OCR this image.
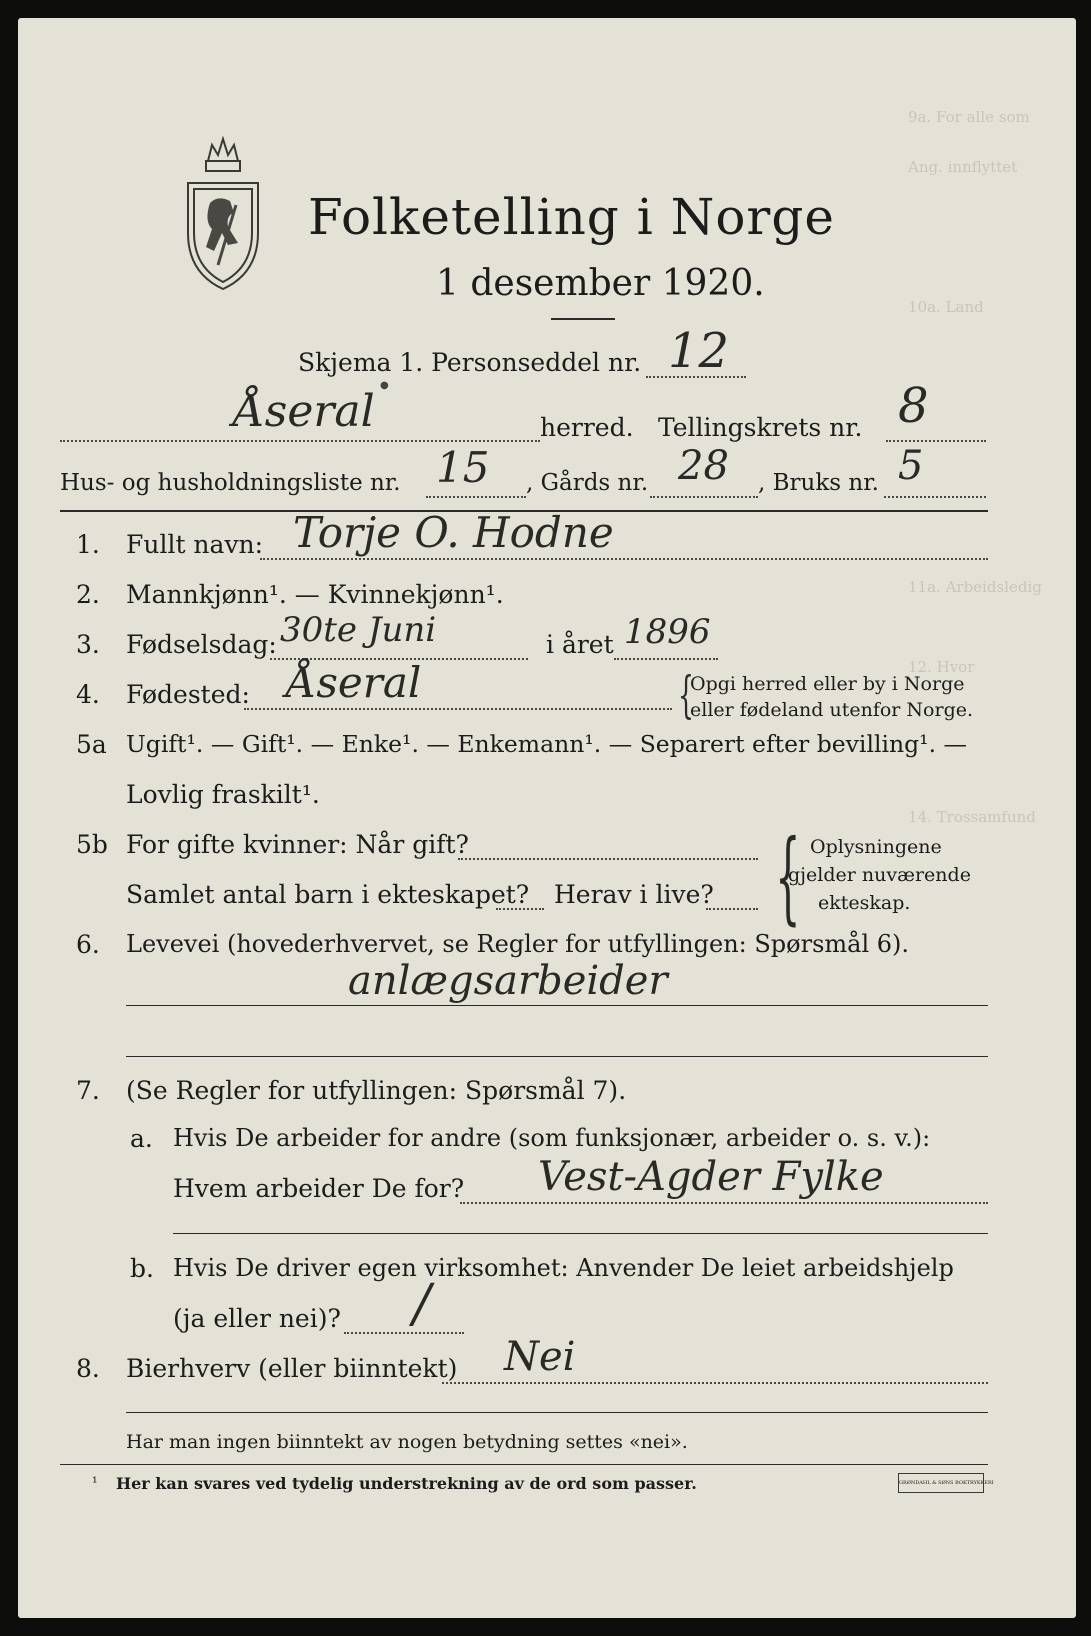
9a. For alle som
Ang. innflyttet
10a. Land
11a. Arbeidsledig
12. Hvor
14. Trossamfund
●
Folketelling i Norge
1 desember 1920.
Skjema 1. Personseddel nr. 12
Åseral	herred. Tellingskrets nr. 8
Hus- og husholdningsliste nr. 15 , Gårds nr. 28 , Bruks nr. 5
1. Fullt navn: Torje O. Hodne
2. Mannkjønn¹. — Kvinnekjønn¹.
3. Fødselsdag: 30te Juni	i året 1896
4. Fødested: Åseral	{
Opgi herred eller by i Norge
eller fødeland utenfor Norge.
5a Ugift¹. — Gift¹. — Enke¹. — Enkemann¹. — Separert efter bevilling¹. —
Lovlig fraskilt¹.
5b For gifte kvinner: Når gift?
Samlet antal barn i ekteskapet? Herav i live? { Oplysningene
gjelder nuværende
ekteskap.
6. Levevei (hovederhvervet, se Regler for utfyllingen: Spørsmål 6).
anlægsarbeider
7. (Se Regler for utfyllingen: Spørsmål 7).
a. Hvis De arbeider for andre (som funksjonær, arbeider o. s. v.):
Hvem arbeider De for? Vest-Agder Fylke
b. Hvis De driver egen virksomhet: Anvender De leiet arbeidshjelp
(ja eller nei)? /
8. Bierhverv (eller biinntekt) Nei
Har man ingen biinntekt av nogen betydning settes «nei».
¹ Her kan svares ved tydelig understrekning av de ord som passer.	GRØNDAHL & SØNS BOKTRYKKERI
